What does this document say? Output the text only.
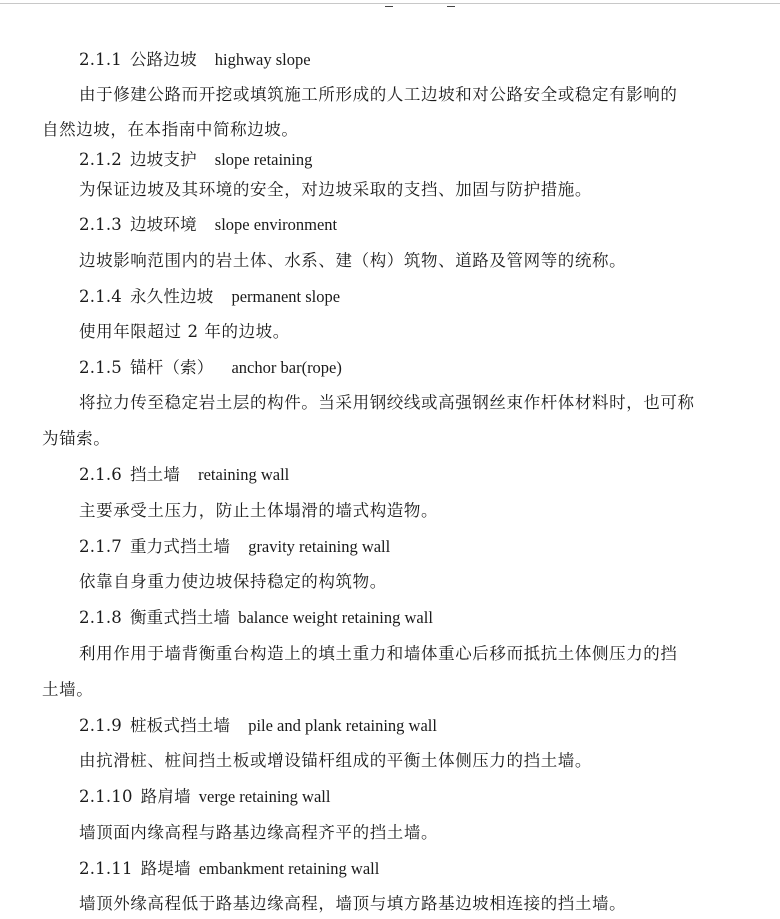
2.1.1 公路边坡 highway slope
由于修建公路而开挖或填筑施工所形成的人工边坡和对公路安全或稳定有影响的
自然边坡，在本指南中简称边坡。
2.1.2 边坡支护 slope retaining
为保证边坡及其环境的安全，对边坡采取的支挡、加固与防护措施。
2.1.3 边坡环境 slope environment
边坡影响范围内的岩土体、水系、建（构）筑物、道路及管网等的统称。
2.1.4 永久性边坡 permanent slope
使用年限超过 2 年的边坡。
2.1.5 锚杆（索） anchor bar(rope)
将拉力传至稳定岩土层的构件。当采用钢绞线或高强钢丝束作杆体材料时，也可称
为锚索。
2.1.6 挡土墙 retaining wall
主要承受土压力，防止土体塌滑的墙式构造物。
2.1.7 重力式挡土墙 gravity retaining wall
依靠自身重力使边坡保持稳定的构筑物。
2.1.8 衡重式挡土墙 balance weight retaining wall
利用作用于墙背衡重台构造上的填土重力和墙体重心后移而抵抗土体侧压力的挡
土墙。
2.1.9 桩板式挡土墙 pile and plank retaining wall
由抗滑桩、桩间挡土板或增设锚杆组成的平衡土体侧压力的挡土墙。
2.1.10 路肩墙 verge retaining wall
墙顶面内缘高程与路基边缘高程齐平的挡土墙。
2.1.11 路堤墙 embankment retaining wall
墙顶外缘高程低于路基边缘高程，墙顶与填方路基边坡相连接的挡土墙。
